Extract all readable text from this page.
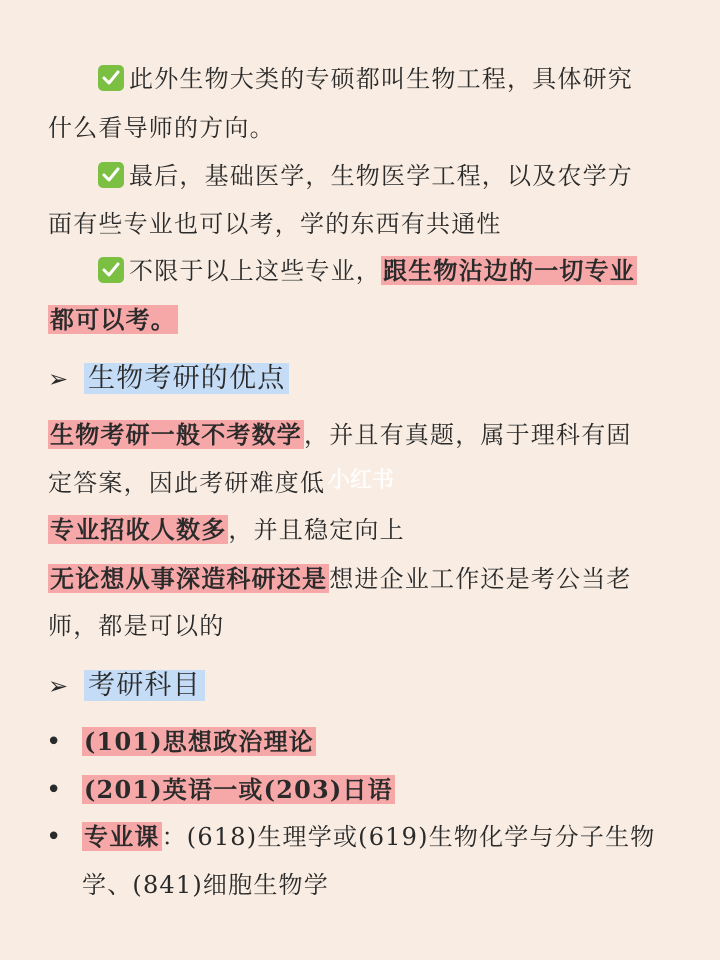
此外生物大类的专硕都叫生物工程，具体研究
什么看导师的方向。
最后，基础医学，生物医学工程，以及农学方
面有些专业也可以考，学的东西有共通性
不限于以上这些专业，跟生物沾边的一切专业
都可以考。
➢ 生物考研的优点
生物考研一般不考数学，并且有真题，属于理科有固
定答案，因此考研难度低 小红书
专业招收人数多，并且稳定向上
无论想从事深造科研还是想进企业工作还是考公当老
师，都是可以的
➢ 考研科目
• (101)思想政治理论
• (201)英语一或(203)日语
• 专业课：(618)生理学或(619)生物化学与分子生物
学、(841)细胞生物学
